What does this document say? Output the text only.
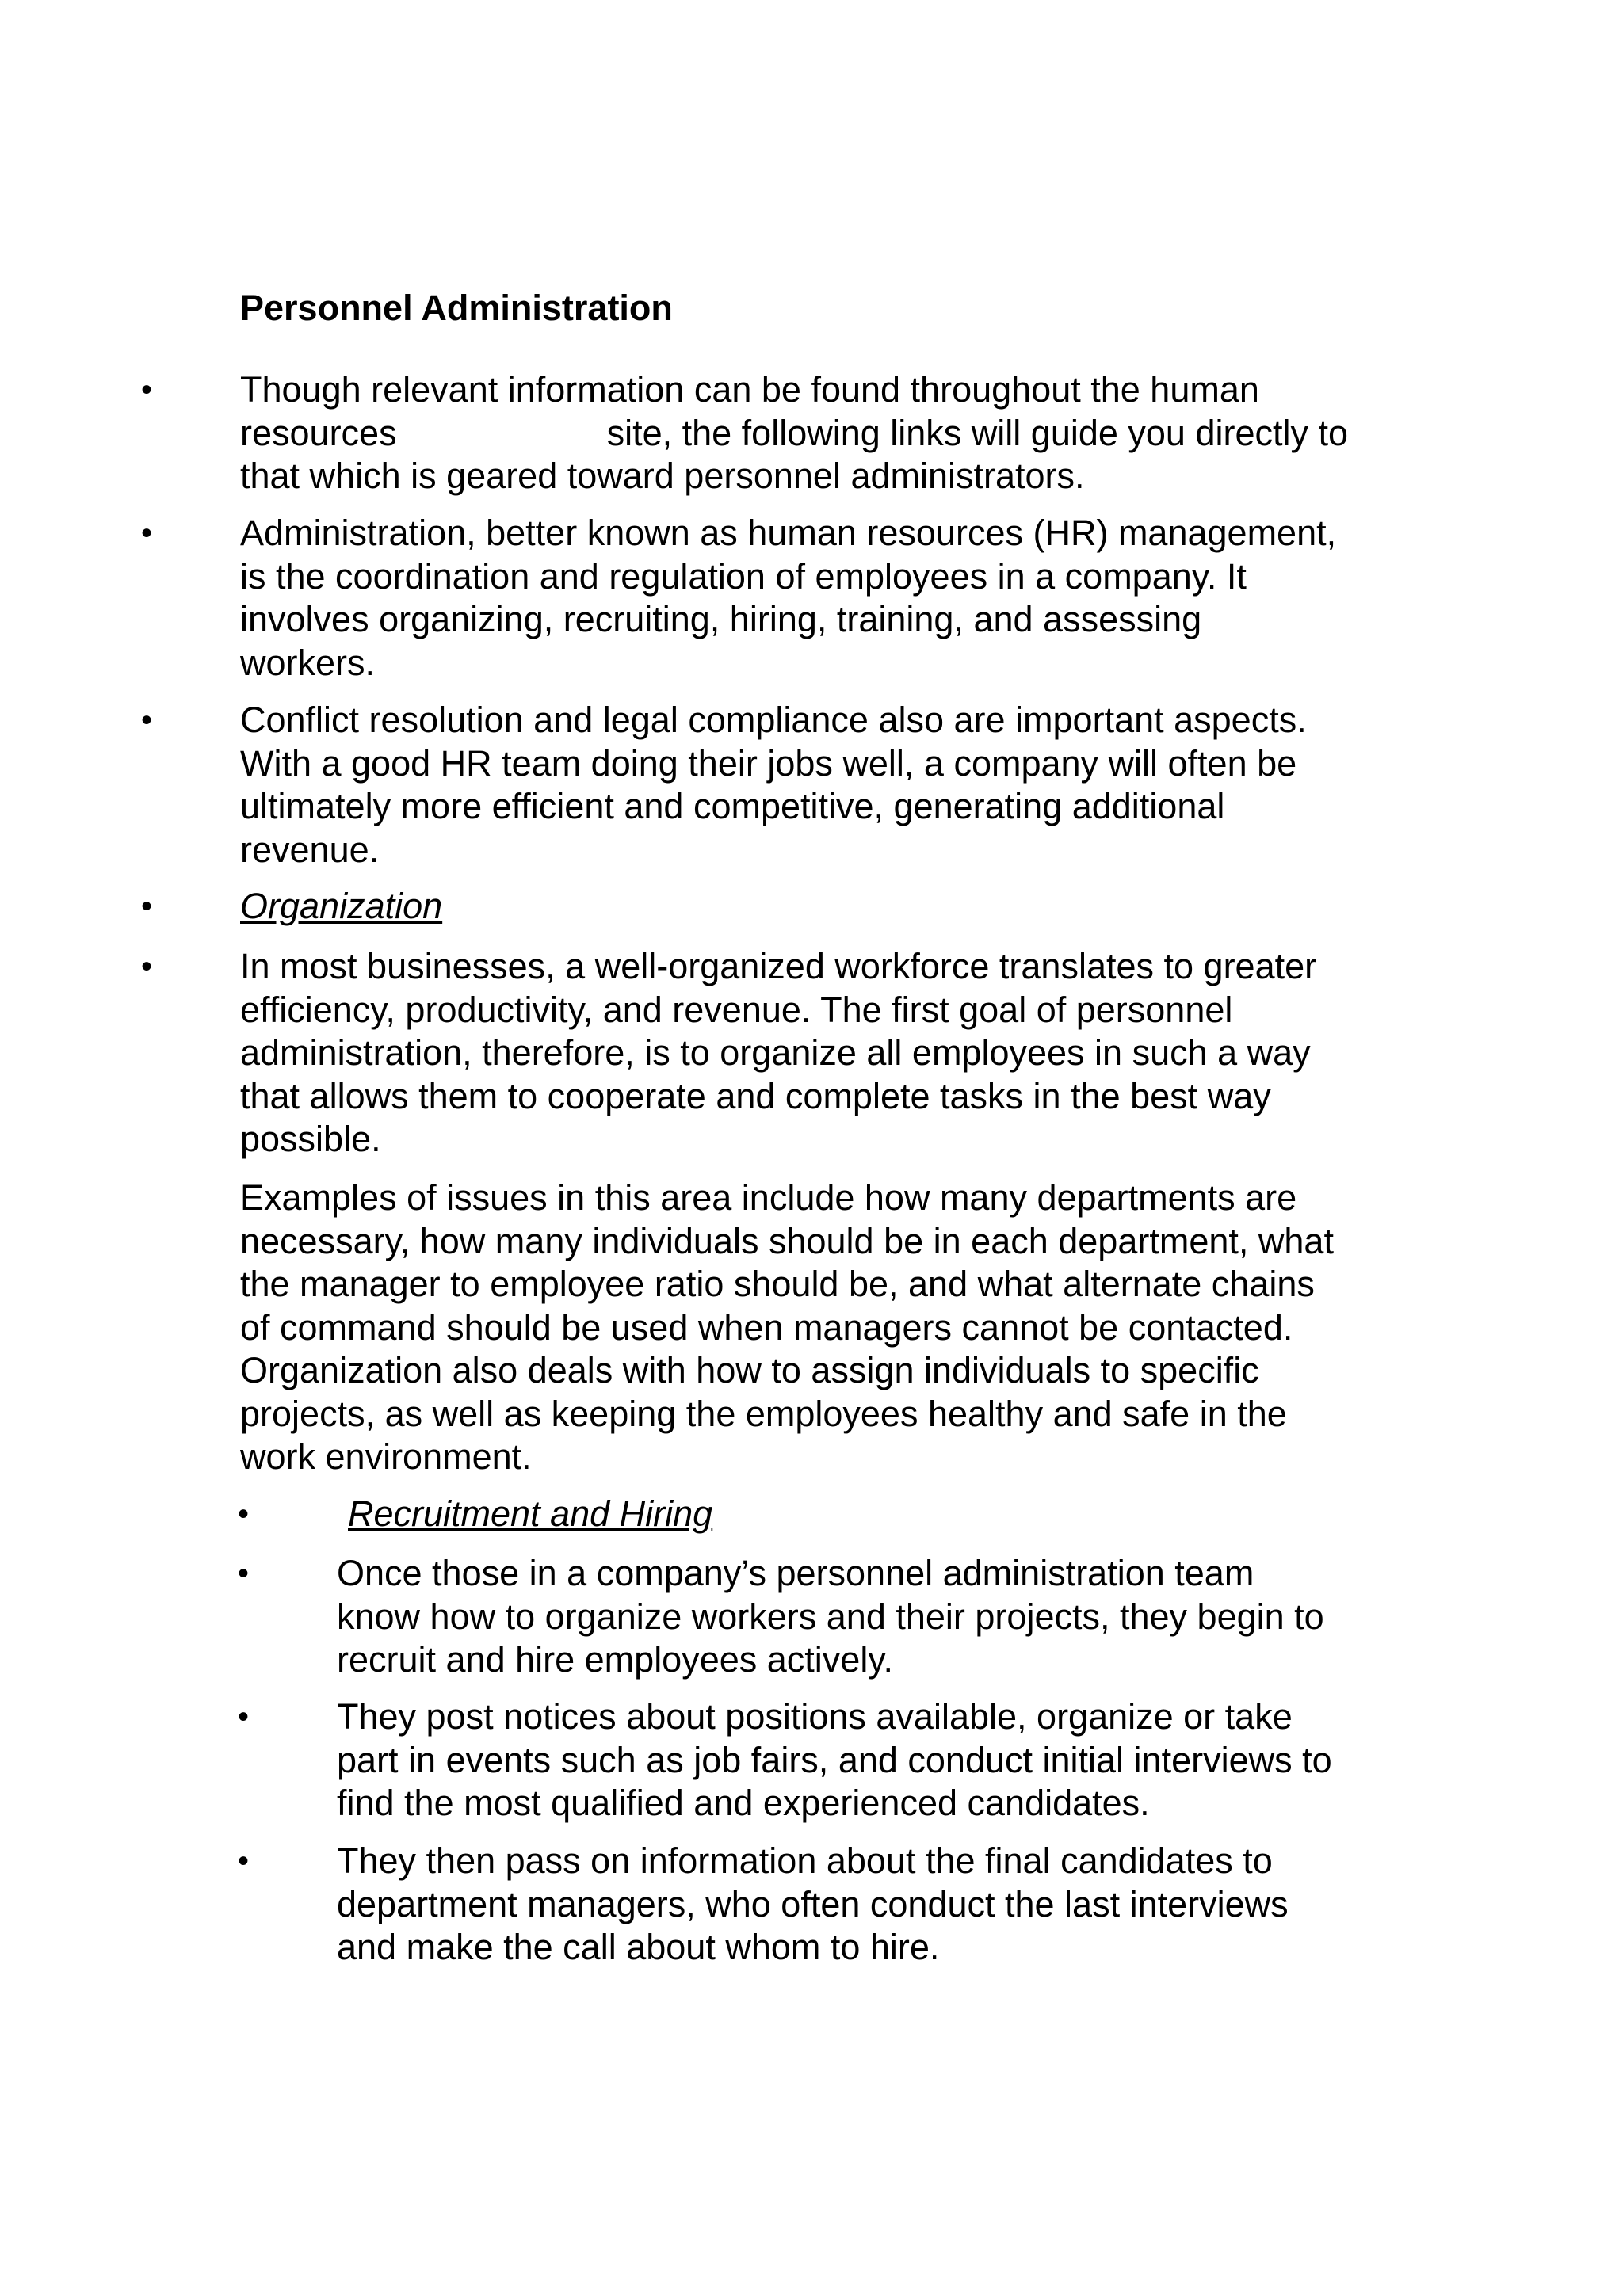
Personnel Administration
• Though relevant information can be found throughout the human
resources	site, the following links will guide you directly to
that which is geared toward personnel administrators.
• Administration, better known as human resources (HR) management,
is the coordination and regulation of employees in a company. It
involves organizing, recruiting, hiring, training, and assessing
workers.
• Conflict resolution and legal compliance also are important aspects.
With a good HR team doing their jobs well, a company will often be
ultimately more efficient and competitive, generating additional
revenue.
• Organization
• In most businesses, a well-organized workforce translates to greater
efficiency, productivity, and revenue. The first goal of personnel
administration, therefore, is to organize all employees in such a way
that allows them to cooperate and complete tasks in the best way
possible.
Examples of issues in this area include how many departments are
necessary, how many individuals should be in each department, what
the manager to employee ratio should be, and what alternate chains
of command should be used when managers cannot be contacted.
Organization also deals with how to assign individuals to specific
projects, as well as keeping the employees healthy and safe in the
work environment.
•	Recruitment and Hiring
• Once those in a company’s personnel administration team
know how to organize workers and their projects, they begin to
recruit and hire employees actively.
• They post notices about positions available, organize or take
part in events such as job fairs, and conduct initial interviews to
find the most qualified and experienced candidates.
• They then pass on information about the final candidates to
department managers, who often conduct the last interviews
and make the call about whom to hire.
